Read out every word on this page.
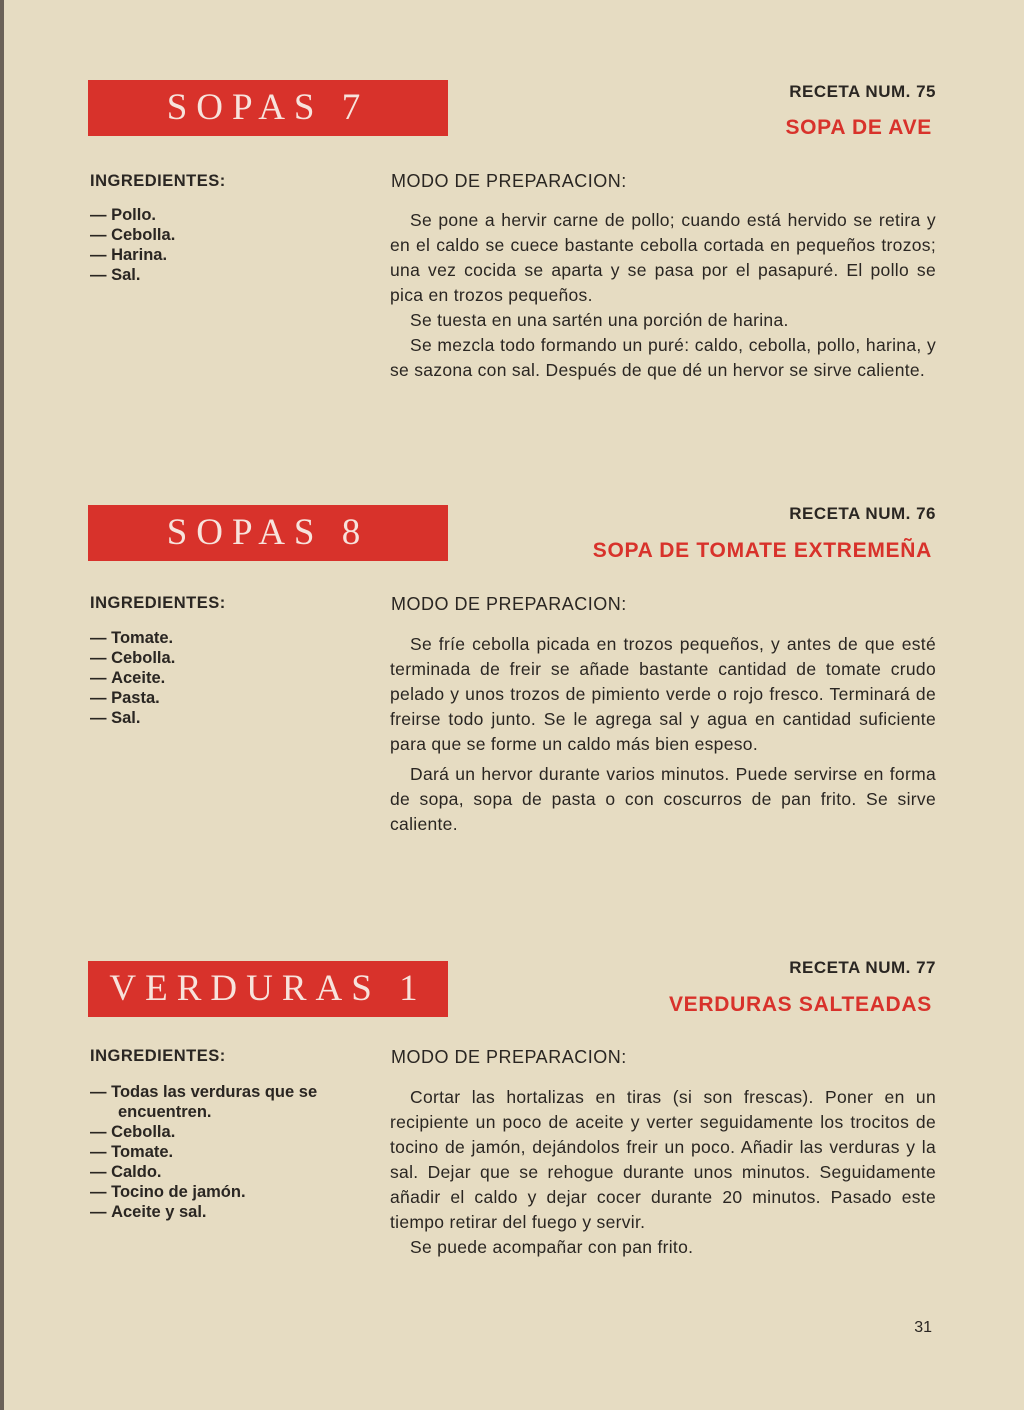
SOPAS 7	RECETA NUM. 75
SOPA DE AVE
INGREDIENTES:	MODO DE PREPARACION:
— Pollo.
— Cebolla.
— Harina.
— Sal.

Se pone a hervir carne de pollo; cuando está hervido se retira y en el caldo se cuece bastante cebolla cortada en pequeños trozos; una vez cocida se aparta y se pasa por el pasapuré. El pollo se pica en trozos pequeños.

Se tuesta en una sartén una porción de harina.

Se mezcla todo formando un puré: caldo, cebolla, pollo, harina, y se sazona con sal. Después de que dé un hervor se sirve caliente.

SOPAS 8	RECETA NUM. 76
SOPA DE TOMATE EXTREMEÑA
INGREDIENTES:	MODO DE PREPARACION:
— Tomate.
— Cebolla.
— Aceite.
— Pasta.
— Sal.

Se fríe cebolla picada en trozos pequeños, y antes de que esté terminada de freir se añade bastante cantidad de tomate crudo pelado y unos trozos de pimiento verde o rojo fresco. Terminará de freirse todo junto. Se le agrega sal y agua en cantidad suficiente para que se forme un caldo más bien espeso.

Dará un hervor durante varios minutos. Puede servirse en forma de sopa, sopa de pasta o con coscurros de pan frito. Se sirve caliente.

VERDURAS 1
RECETA NUM. 77
VERDURAS SALTEADAS
INGREDIENTES:	MODO DE PREPARACION:
— Todas las verduras que se encuentren.
— Cebolla.
— Tomate.
— Caldo.
— Tocino de jamón.
— Aceite y sal.

Cortar las hortalizas en tiras (si son frescas). Poner en un recipiente un poco de aceite y verter seguidamente los trocitos de tocino de jamón, dejándolos freir un poco. Añadir las verduras y la sal. Dejar que se rehogue durante unos minutos. Seguidamente añadir el caldo y dejar cocer durante 20 minutos. Pasado este tiempo retirar del fuego y servir.

Se puede acompañar con pan frito.

31
